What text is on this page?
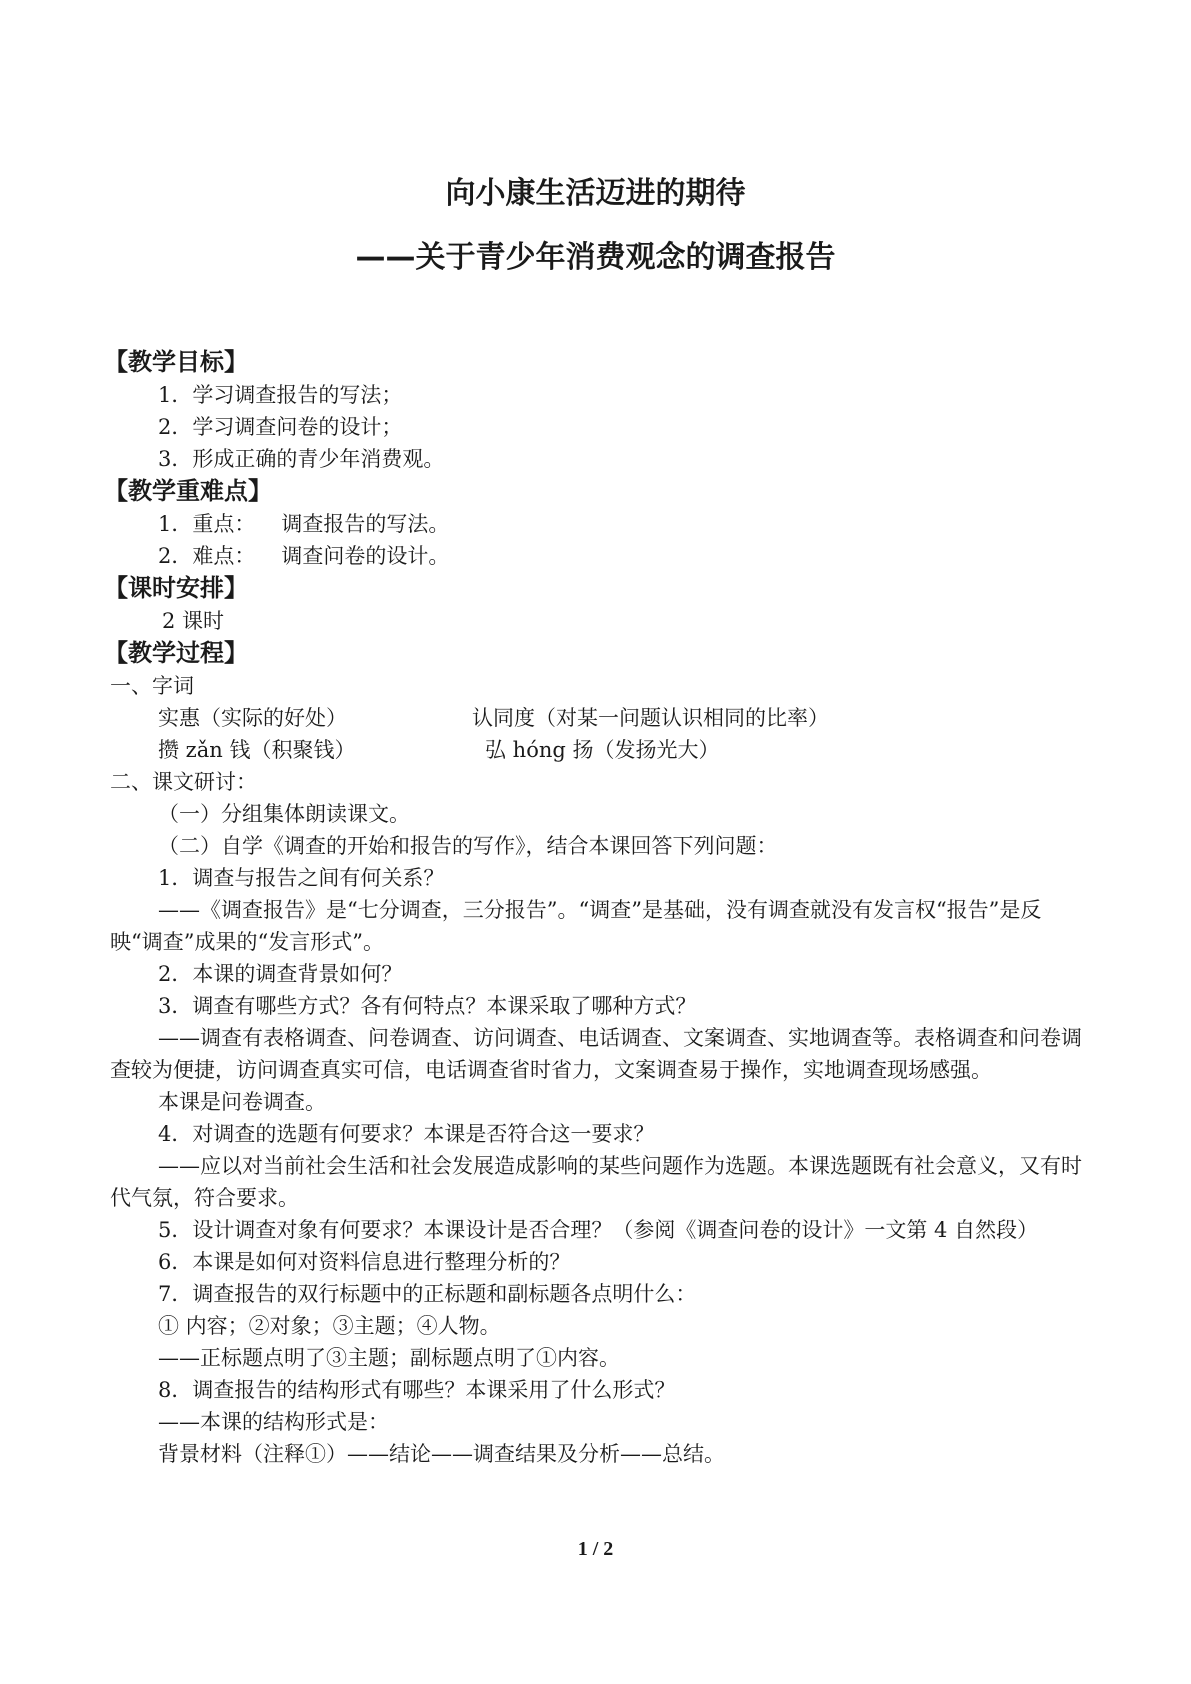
向小康生活迈进的期待
——关于青少年消费观念的调查报告
【教学目标】
1．学习调查报告的写法；
2．学习调查问卷的设计；
3．形成正确的青少年消费观。
【教学重难点】
1．重点： 调查报告的写法。
2．难点： 调查问卷的设计。
【课时安排】
2 课时
【教学过程】
一、字词
实惠（实际的好处）	认同度（对某一问题认识相同的比率）
攒 zǎn 钱（积聚钱）	弘 hóng 扬（发扬光大）
二、课文研讨：
（一）分组集体朗读课文。
（二）自学《调查的开始和报告的写作》，结合本课回答下列问题：
1．调查与报告之间有何关系？
——《调查报告》是“七分调查，三分报告”。“调查”是基础，没有调查就没有发言权“报告”是反映“调查”成果的“发言形式”。
2．本课的调查背景如何？
3．调查有哪些方式？各有何特点？本课采取了哪种方式？
——调查有表格调查、问卷调查、访问调查、电话调查、文案调查、实地调查等。表格调查和问卷调查较为便捷，访问调查真实可信，电话调查省时省力，文案调查易于操作，实地调查现场感强。
本课是问卷调查。
4．对调查的选题有何要求？本课是否符合这一要求？
——应以对当前社会生活和社会发展造成影响的某些问题作为选题。本课选题既有社会意义，又有时代气氛，符合要求。
5．设计调查对象有何要求？本课设计是否合理？（参阅《调查问卷的设计》一文第 4 自然段）
6．本课是如何对资料信息进行整理分析的？
7．调查报告的双行标题中的正标题和副标题各点明什么：
① 内容；②对象；③主题；④人物。
——正标题点明了③主题；副标题点明了①内容。
8．调查报告的结构形式有哪些？本课采用了什么形式？
——本课的结构形式是：
背景材料（注释①）——结论——调查结果及分析——总结。
1 / 2
